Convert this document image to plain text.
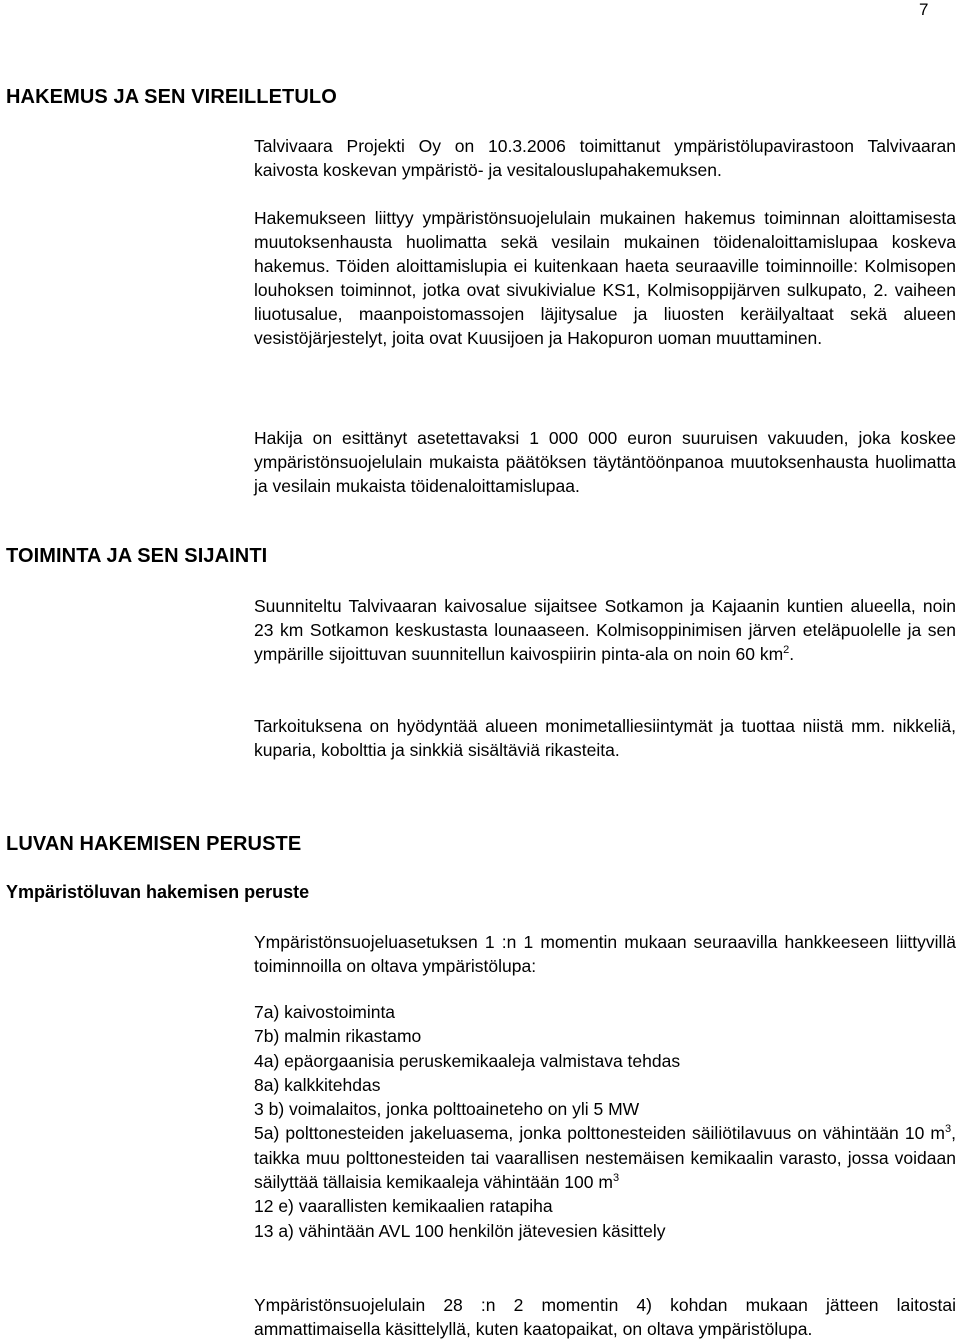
7
HAKEMUS JA SEN VIREILLETULO

Talvivaara Projekti Oy on 10.3.2006 toimittanut ympäristölupavirastoon Talvivaaran kaivosta koskevan ympäristö- ja vesitalouslupahakemuksen.

Hakemukseen liittyy ympäristönsuojelulain mukainen hakemus toiminnan aloittamisesta muutoksenhausta huolimatta sekä vesilain mukainen töidenaloittamislupaa koskeva hakemus. Töiden aloittamislupia ei kuitenkaan haeta seuraaville toiminnoille: Kolmisopen louhoksen toiminnot, jotka ovat sivukivialue KS1, Kolmisoppijärven sulkupato, 2. vaiheen liuotusalue, maanpoistomassojen läjitysalue ja liuosten keräilyaltaat sekä alueen vesistöjärjestelyt, joita ovat Kuusijoen ja Hakopuron uoman muuttaminen.

Hakija on esittänyt asetettavaksi 1 000 000 euron suuruisen vakuuden, joka koskee ympäristönsuojelulain mukaista päätöksen täytäntöönpanoa muutoksenhausta huolimatta ja vesilain mukaista töidenaloittamislupaa.

TOIMINTA JA SEN SIJAINTI

Suunniteltu Talvivaaran kaivosalue sijaitsee Sotkamon ja Kajaanin kuntien alueella, noin 23 km Sotkamon keskustasta lounaaseen. Kolmisoppinimisen järven eteläpuolelle ja sen ympärille sijoittuvan suunnitellun kaivospiirin pinta-ala on noin 60 $km^2$.

Tarkoituksena on hyödyntää alueen monimetalliesiintymät ja tuottaa niistä mm. nikkeliä, kuparia, kobolttia ja sinkkiä sisältäviä rikasteita.

LUVAN HAKEMISEN PERUSTE
Ympäristöluvan hakemisen peruste

Ympäristönsuojeluasetuksen 1 :n 1 momentin mukaan seuraavilla hankkeeseen liittyvillä toiminnoilla on oltava ympäristölupa:

7a) kaivostoiminta
7b) malmin rikastamo
4a) epäorgaanisia peruskemikaaleja valmistava tehdas
8a) kalkkitehdas
3 b) voimalaitos, jonka polttoaineteho on yli 5 MW
5a) polttonesteiden jakeluasema, jonka polttonesteiden säiliötilavuus on vähintään 10 $m^3$, taikka muu polttonesteiden tai vaarallisen nestemäisen kemikaalin varasto, jossa voidaan säilyttää tällaisia kemikaaleja vähintään 100 $m^3$
12 e) vaarallisten kemikaalien ratapiha
13 a) vähintään AVL 100 henkilön jätevesien käsittely

Ympäristönsuojelulain 28 :n 2 momentin 4) kohdan mukaan jätteen laitostai ammattimaisella käsittelyllä, kuten kaatopaikat, on oltava ympäristölupa.
